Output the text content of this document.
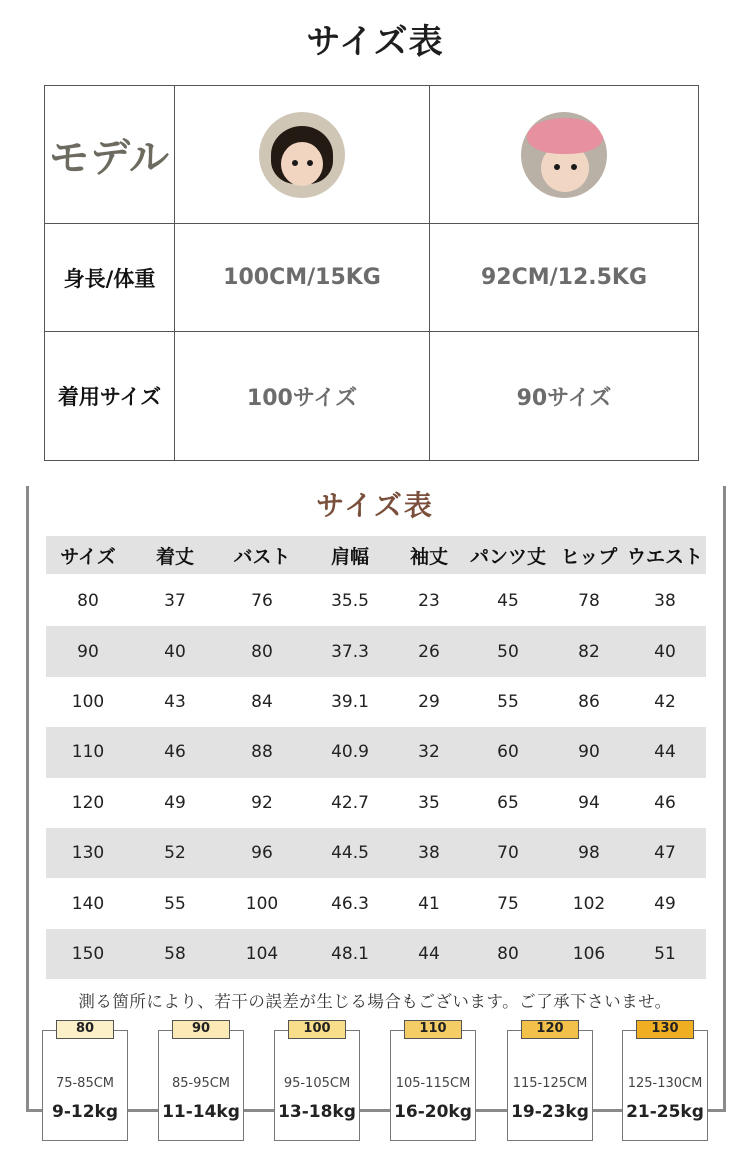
サイズ表
モデル	

身長/体重	100CM/15KG	92CM/12.5KG
着用サイズ	100サイズ	90サイズ
サイズ表
サイズ	着丈	バスト	肩幅	袖丈	パンツ丈 ヒップ ウエスト
80	37	76	35.5	23	45	78	38
90	40	80	37.3	26	50	82	40
100	43	84	39.1	29	55	86	42
110	46	88	40.9	32	60	90	44
120	49	92	42.7	35	65	94	46
130	52	96	44.5	38	70	98	47
140	55	100	46.3	41	75	102	49
150	58	104	48.1	44	80	106	51
測る箇所により、若干の誤差が生じる場合もございます。ご了承下さいませ。
80
75-85CM
9-12kg
90
85-95CM
11-14kg
100
95-105CM
13-18kg
110
105-115CM
16-20kg
120
115-125CM
19-23kg
130
125-130CM
21-25kg
